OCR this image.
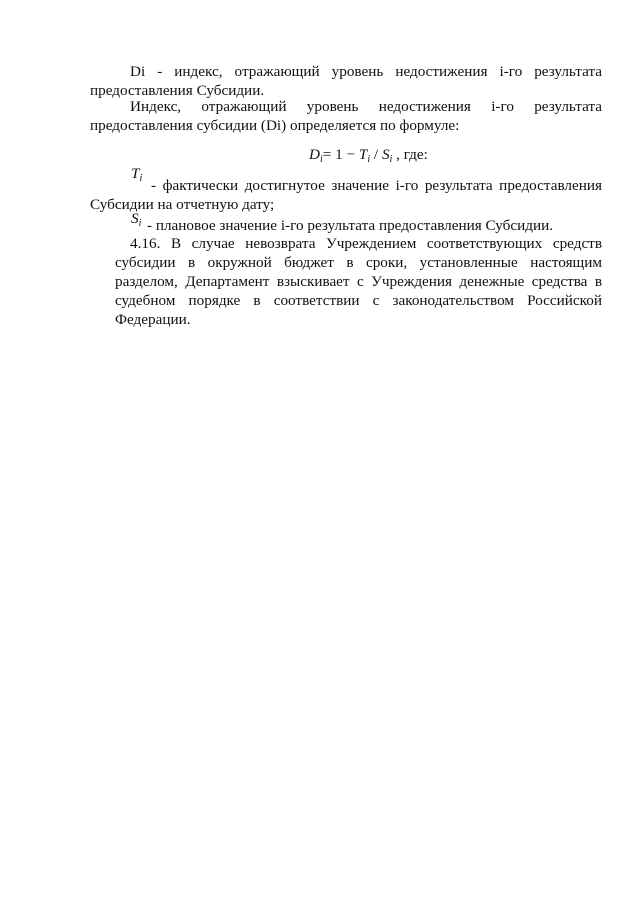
Di - индекс, отражающий уровень недостижения i-го результата
предоставления Субсидии.
Индекс, отражающий уровень недостижения i-го результата
предоставления субсидии (Di) определяется по формуле:
$D_i= 1 - T_i / S_i$ , где:
$T_i$ - фактически достигнутое значение i-го результата предоставления
Субсидии на отчетную дату;
$S_i$ - плановое значение i-го результата предоставления Субсидии.
4.16. В случае невозврата Учреждением соответствующих средств
субсидии в окружной бюджет в сроки, установленные настоящим
разделом, Департамент взыскивает с Учреждения денежные средства в
судебном порядке в соответствии с законодательством Российской
Федерации.
